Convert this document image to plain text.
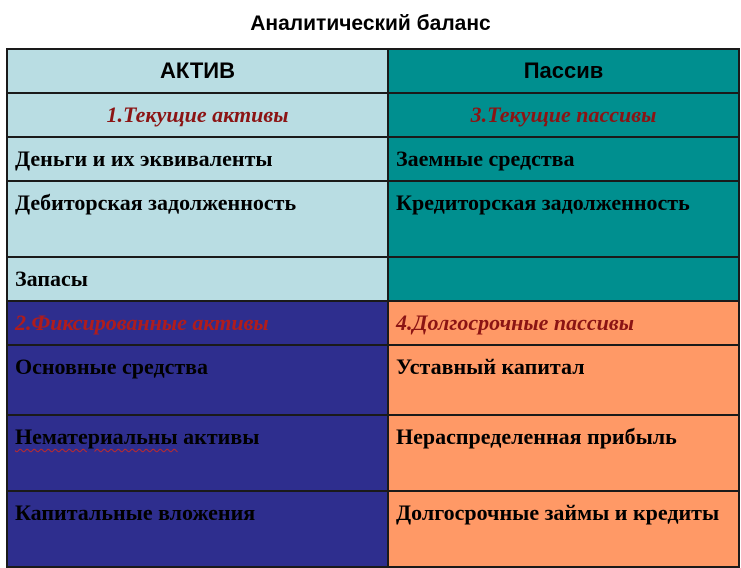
Аналитический баланс
АКТИВ	Пассив
1.Текущие активы	3.Текущие пассивы
Деньги и их эквиваленты	Заемные средства
Дебиторская задолженность	Кредиторская задолженность
Запасы	
2.Фиксированные активы	4.Долгосрочные пассивы
Основные средства	Уставный капитал
Нематериальны активы	Нераспределенная прибыль
Капитальные вложения	Долгосрочные займы и кредиты
